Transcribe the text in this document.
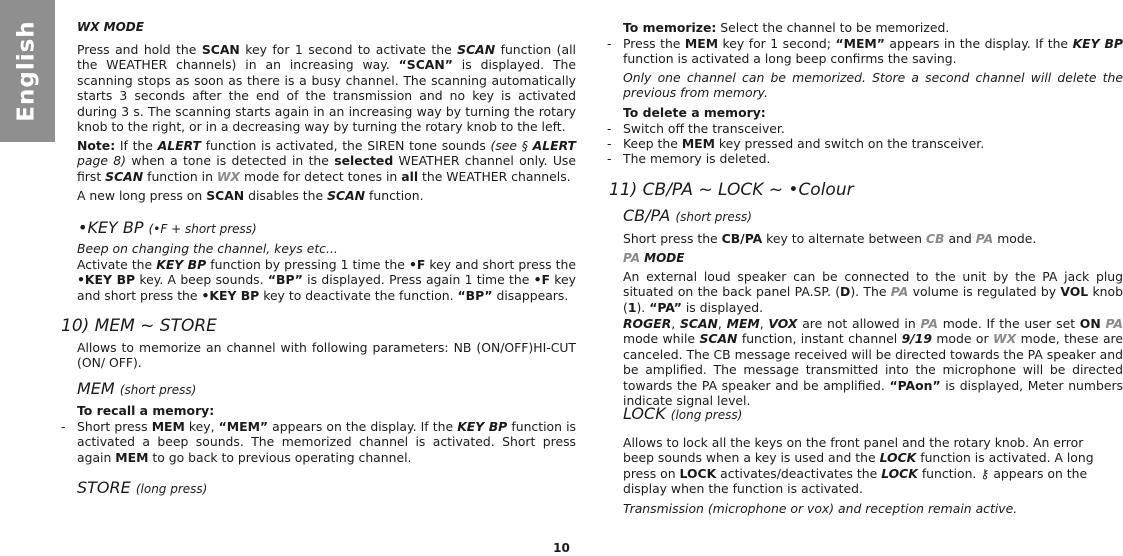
English	WX MODE

Press and hold the SCAN key for 1 second to activate the SCAN function (all the WEATHER channels) in an increasing way. “SCAN” is displayed. The scanning stops as soon as there is a busy channel. The scanning automatically starts 3 seconds after the end of the transmission and no key is activated during 3 s. The scanning starts again in an increasing way by turning the rotary knob to the right, or in a decreasing way by turning the rotary knob to the left.

Note: If the ALERT function is activated, the SIREN tone sounds (see § ALERT page 8) when a tone is detected in the selected WEATHER channel only. Use first SCAN function in WX mode for detect tones in all the WEATHER channels.

A new long press on SCAN disables the SCAN function.

•KEY BP (•F + short press)

Beep on changing the channel, keys etc...

Activate the KEY BP function by pressing 1 time the •F key and short press the •KEY BP key. A beep sounds. “BP” is displayed. Press again 1 time the •F key and short press the •KEY BP key to deactivate the function. “BP” disappears.

10) MEM ~ STORE

Allows to memorize an channel with following parameters: NB (ON/OFF)HI-CUT (ON/ OFF).

MEM (short press)

To recall a memory:

- Short press MEM key, “MEM” appears on the display. If the KEY BP function is activated a beep sounds. The memorized channel is activated. Short press again MEM to go back to previous operating channel.

STORE (long press)

To memorize: Select the channel to be memorized.

- Press the MEM key for 1 second; “MEM” appears in the display. If the KEY BP function is activated a long beep confirms the saving.

Only one channel can be memorized. Store a second channel will delete the previous from memory.

To delete a memory:

- Switch off the transceiver.

- Keep the MEM key pressed and switch on the transceiver.

- The memory is deleted.

11) CB/PA ~ LOCK ~ •Colour

CB/PA (short press)

Short press the CB/PA key to alternate between CB and PA mode.

PA MODE

An external loud speaker can be connected to the unit by the PA jack plug situated on the back panel PA.SP. (D). The PA volume is regulated by VOL knob (1). “PA” is displayed.

ROGER, SCAN, MEM, VOX are not allowed in PA mode. If the user set ON PA mode while SCAN function, instant channel 9/19 mode or WX mode, these are canceled. The CB message received will be directed towards the PA speaker and be amplified. The message transmitted into the microphone will be directed towards the PA speaker and be amplified. “PAon” is displayed, Meter numbers indicate signal level.

LOCK (long press)

Allows to lock all the keys on the front panel and the rotary knob. An error beep sounds when a key is used and the LOCK function is activated. A long press on LOCK activates/deactivates the LOCK function. ⚷ appears on the display when the function is activated.

Transmission (microphone or vox) and reception remain active.

10
